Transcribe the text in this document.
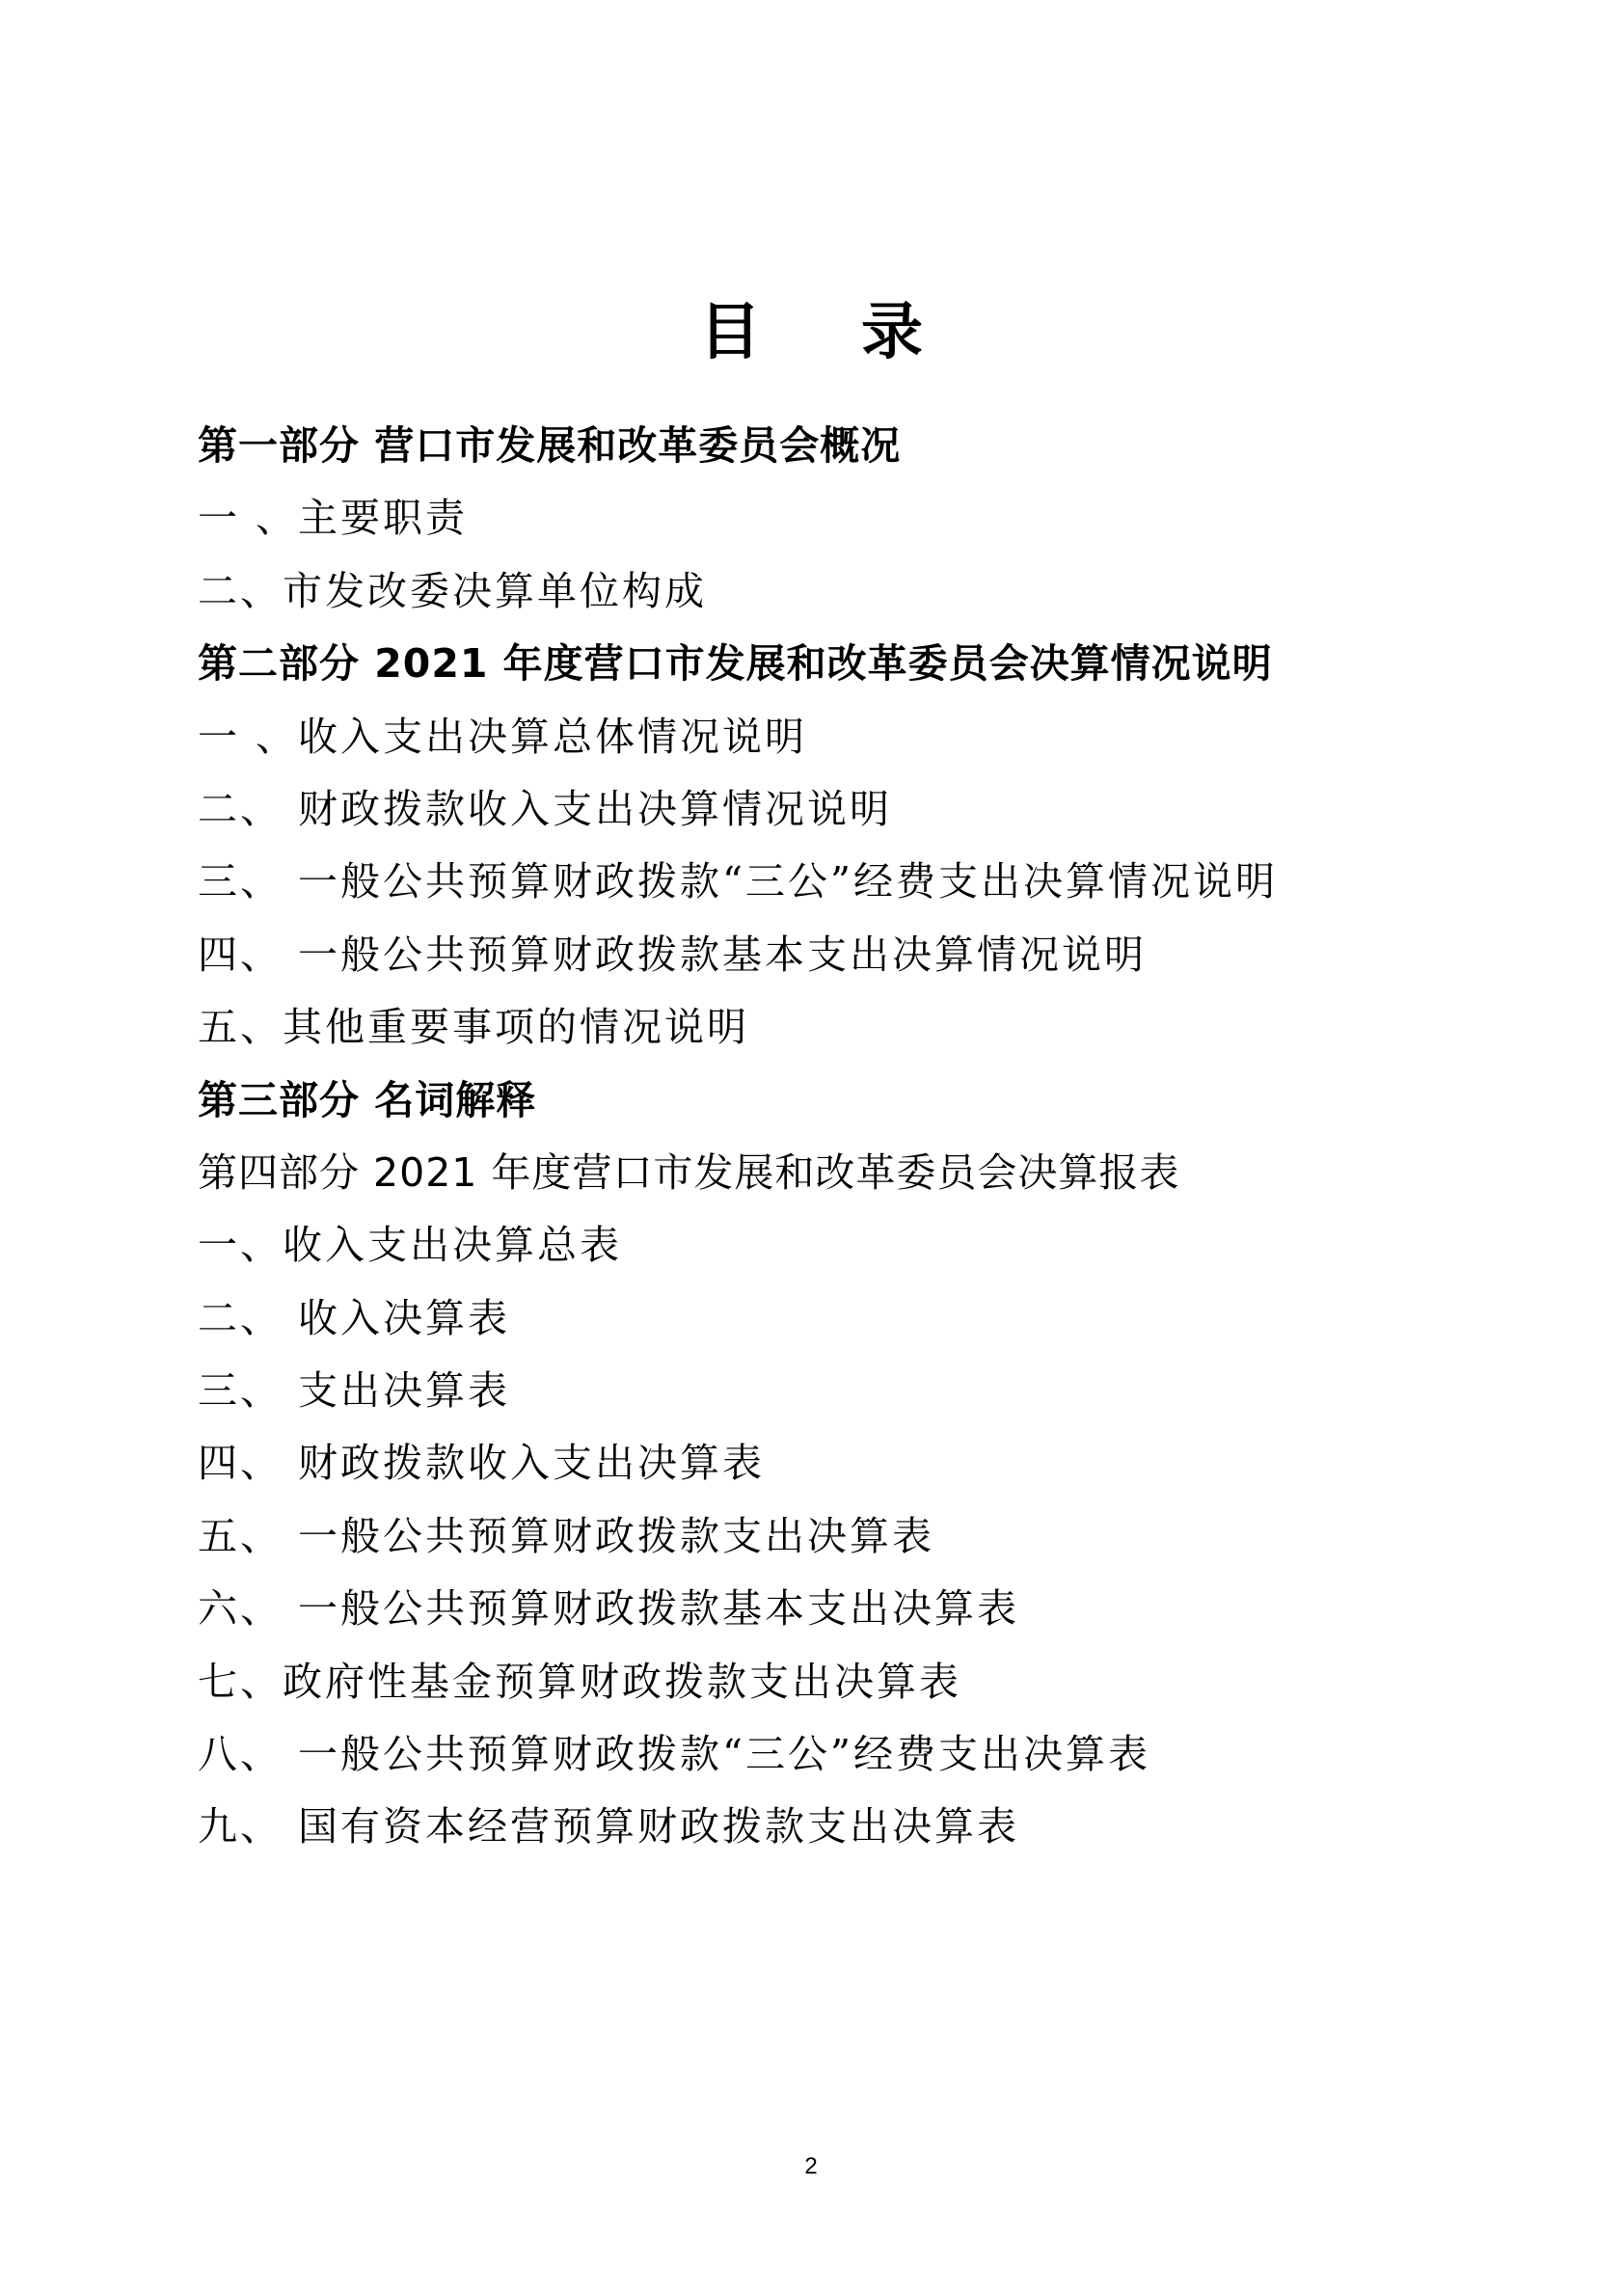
目录
第一部分 营口市发展和改革委员会概况
一 、主要职责
二、市发改委决算单位构成
第二部分 2021 年度营口市发展和改革委员会决算情况说明
一 、收入支出决算总体情况说明
二、 财政拨款收入支出决算情况说明
三、 一般公共预算财政拨款“三公”经费支出决算情况说明
四、 一般公共预算财政拨款基本支出决算情况说明
五、其他重要事项的情况说明
第三部分 名词解释
第四部分 2021 年度营口市发展和改革委员会决算报表
一、收入支出决算总表
二、 收入决算表
三、 支出决算表
四、 财政拨款收入支出决算表
五、 一般公共预算财政拨款支出决算表
六、 一般公共预算财政拨款基本支出决算表
七、政府性基金预算财政拨款支出决算表
八、 一般公共预算财政拨款“三公”经费支出决算表
九、 国有资本经营预算财政拨款支出决算表
2
